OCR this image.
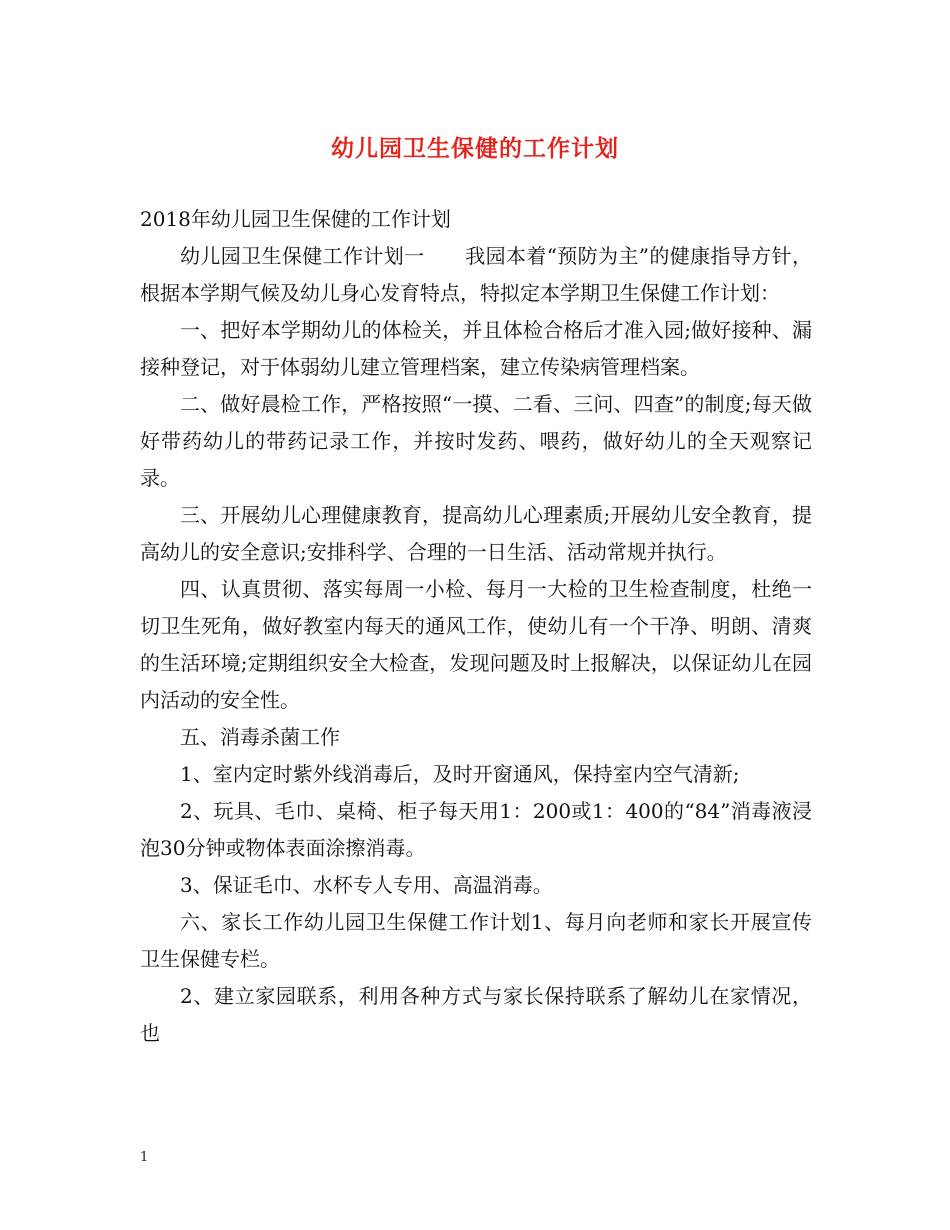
幼儿园卫生保健的工作计划

2018年幼儿园卫生保健的工作计划

幼儿园卫生保健工作计划一　　我园本着“预防为主”的健康指导方针，根据本学期气候及幼儿身心发育特点，特拟定本学期卫生保健工作计划：

一、把好本学期幼儿的体检关，并且体检合格后才准入园;做好接种、漏接种登记，对于体弱幼儿建立管理档案，建立传染病管理档案。

二、做好晨检工作，严格按照“一摸、二看、三问、四查”的制度;每天做好带药幼儿的带药记录工作，并按时发药、喂药，做好幼儿的全天观察记录。

三、开展幼儿心理健康教育，提高幼儿心理素质;开展幼儿安全教育，提高幼儿的安全意识;安排科学、合理的一日生活、活动常规并执行。

四、认真贯彻、落实每周一小检、每月一大检的卫生检查制度，杜绝一切卫生死角，做好教室内每天的通风工作，使幼儿有一个干净、明朗、清爽的生活环境;定期组织安全大检查，发现问题及时上报解决，以保证幼儿在园内活动的安全性。

五、消毒杀菌工作

1、室内定时紫外线消毒后，及时开窗通风，保持室内空气清新;

2、玩具、毛巾、桌椅、柜子每天用1：200或1：400的“84”消毒液浸泡30分钟或物体表面涂擦消毒。

3、保证毛巾、水杯专人专用、高温消毒。

六、家长工作幼儿园卫生保健工作计划1、每月向老师和家长开展宣传卫生保健专栏。

2、建立家园联系，利用各种方式与家长保持联系了解幼儿在家情况，也

1
